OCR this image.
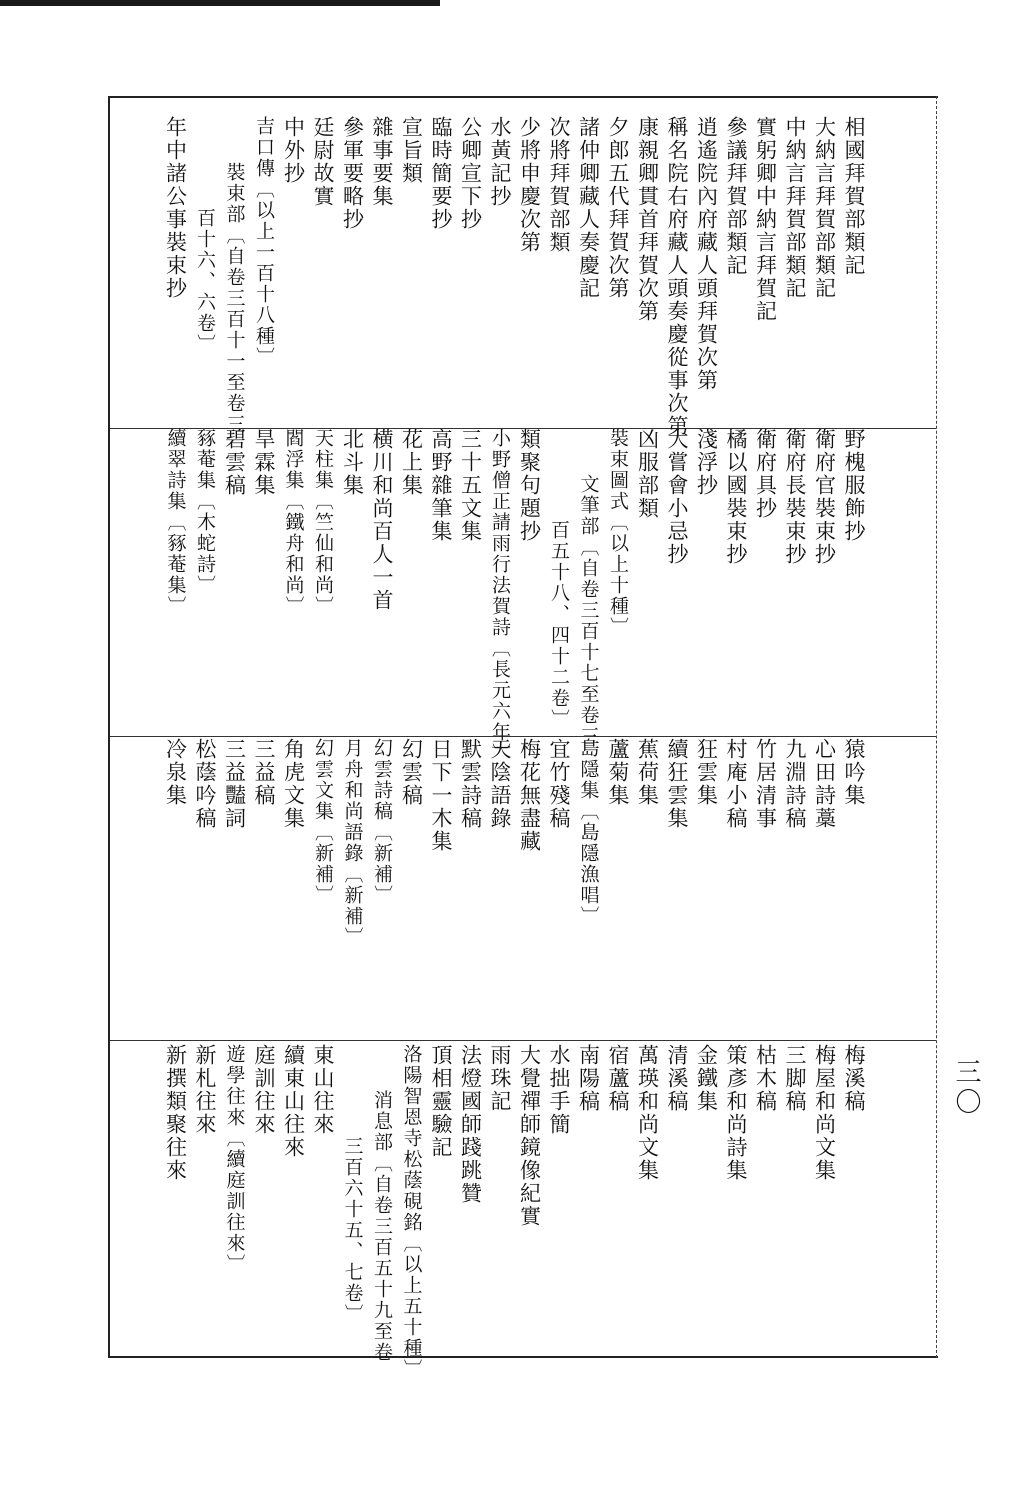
三〇
相國拜賀部類記
大納言拜賀部類記
中納言拜賀部類記
實躬卿中納言拜賀記
參議拜賀部類記
逍遙院內府藏人頭拜賀次第
稱名院右府藏人頭奏慶從事次第
康親卿貫首拜賀次第
夕郎五代拜賀次第
諸仲卿藏人奏慶記
次將拜賀部類
少將申慶次第
水黃記抄
公卿宣下抄
臨時簡要抄
宣旨類
雜事要集
參軍要略抄
廷尉故實
中外抄
吉口傳〔以上一百十八種〕
裝束部〔自卷三百十一至卷三
百十六、六卷〕
年中諸公事裝束抄
野槐服飾抄
衛府官裝束抄
衛府長裝束抄
衛府具抄
橘以國裝束抄
淺浮抄
大嘗會小忌抄
凶服部類
裝束圖式〔以上十種〕
文筆部〔自卷三百十七至卷三
百五十八、四十二卷〕
類聚句題抄
小野僧正請雨行法賀詩〔長元六年〕
三十五文集
高野雜筆集
花上集
横川和尚百人一首
北斗集
天柱集〔竺仙和尚〕
閻浮集〔鐵舟和尚〕
旱霖集
碧雲稿
豩菴集〔木蛇詩〕
續翠詩集〔豩菴集〕
猿吟集
心田詩藁
九淵詩稿
竹居清事
村庵小稿
狂雲集
續狂雲集
蕉荷集
蘆菊集
島隱集〔島隱漁唱〕
宜竹殘稿
梅花無盡藏
天陰語錄
默雲詩稿
日下一木集
幻雲稿
幻雲詩稿〔新補〕
月舟和尚語錄〔新補〕
幻雲文集〔新補〕
角虎文集
三益稿
三益豔詞
松蔭吟稿
冷泉集
梅溪稿
梅屋和尚文集
三脚稿
枯木稿
策彥和尚詩集
金鐵集
清溪稿
萬瑛和尚文集
宿蘆稿
南陽稿
水拙手簡
大覺禪師鏡像紀實
雨珠記
法燈國師踐跳贊
頂相靈驗記
洛陽智恩寺松蔭硯銘〔以上五十種〕
消息部〔自卷三百五十九至卷
三百六十五、七卷〕
東山往來
續東山往來
庭訓往來
遊學往來〔續庭訓往來〕
新札往來
新撰類聚往來
